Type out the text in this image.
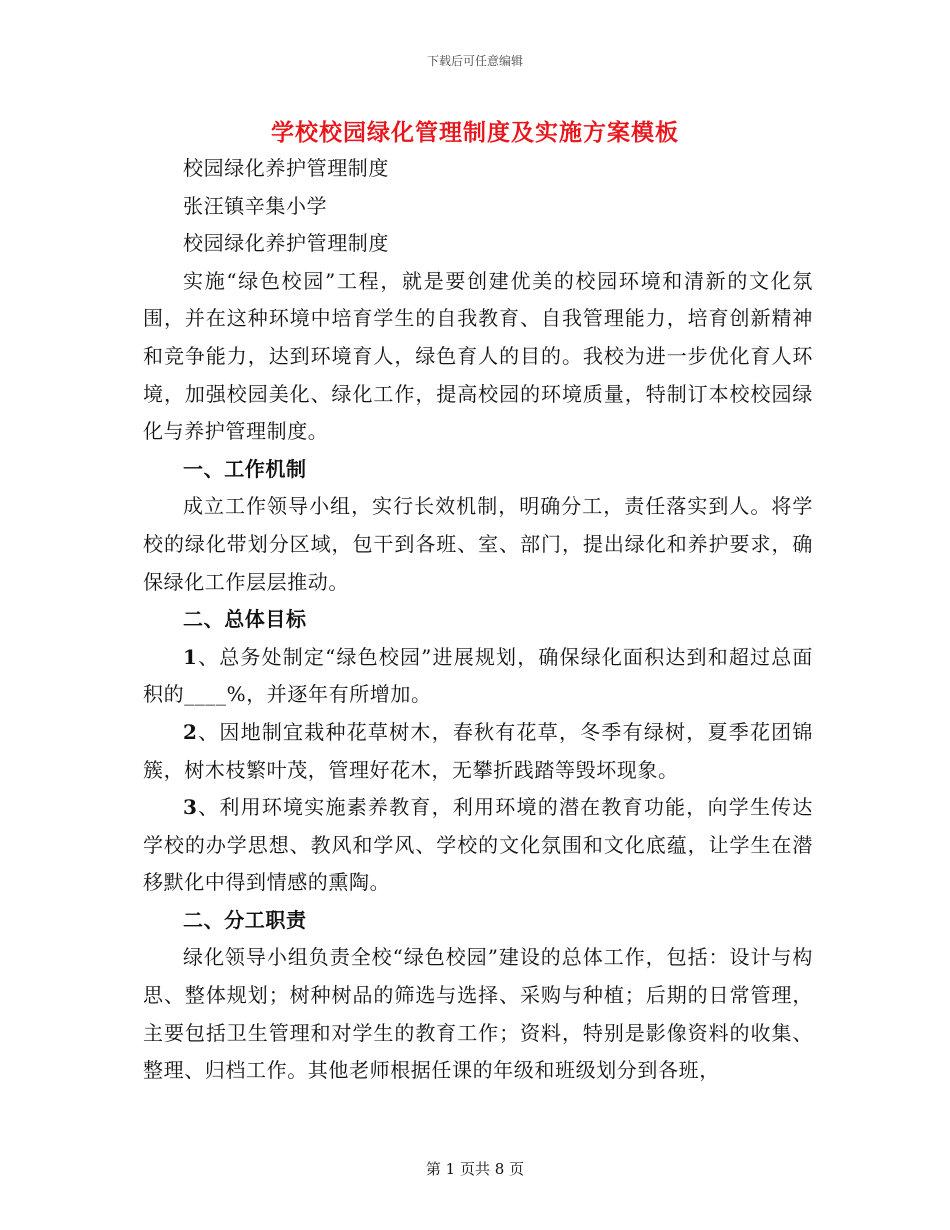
下载后可任意编辑
学校校园绿化管理制度及实施方案模板

校园绿化养护管理制度

张汪镇辛集小学

校园绿化养护管理制度

实施“绿色校园”工程，就是要创建优美的校园环境和清新的文化氛围，并在这种环境中培育学生的自我教育、自我管理能力，培育创新精神和竞争能力，达到环境育人，绿色育人的目的。我校为进一步优化育人环境，加强校园美化、绿化工作，提高校园的环境质量，特制订本校校园绿化与养护管理制度。

一、工作机制

成立工作领导小组，实行长效机制，明确分工，责任落实到人。将学校的绿化带划分区域，包干到各班、室、部门，提出绿化和养护要求，确保绿化工作层层推动。

二、总体目标

1、总务处制定“绿色校园”进展规划，确保绿化面积达到和超过总面积的____%，并逐年有所增加。

2、因地制宜栽种花草树木，春秋有花草，冬季有绿树，夏季花团锦簇，树木枝繁叶茂，管理好花木，无攀折践踏等毁坏现象。

3、利用环境实施素养教育，利用环境的潜在教育功能，向学生传达学校的办学思想、教风和学风、学校的文化氛围和文化底蕴，让学生在潜移默化中得到情感的熏陶。

二、分工职责

绿化领导小组负责全校“绿色校园”建设的总体工作，包括：设计与构思、整体规划；树种树品的筛选与选择、采购与种植；后期的日常管理，主要包括卫生管理和对学生的教育工作；资料，特别是影像资料的收集、整理、归档工作。其他老师根据任课的年级和班级划分到各班，

第 1 页共 8 页
